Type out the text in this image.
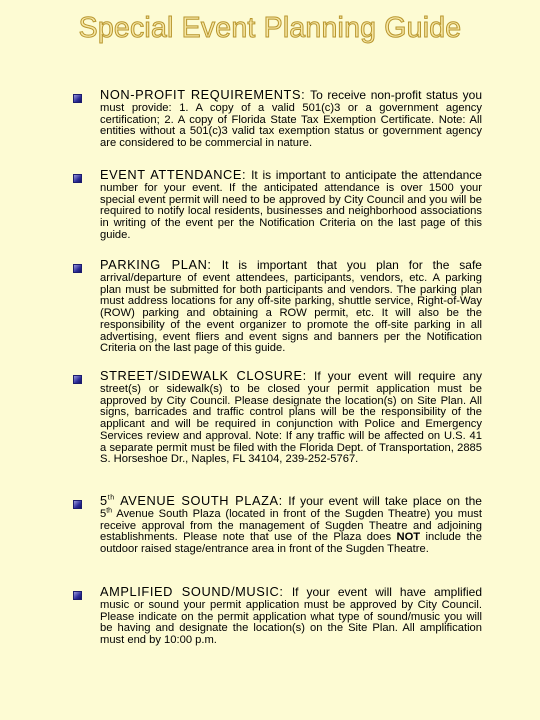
Special Event Planning Guide
NON-PROFIT REQUIREMENTS: To receive non-profit status you

must provide: 1. A copy of a valid 501(c)3 or a government agency certification; 2. A copy of Florida State Tax Exemption Certificate. Note: All entities without a 501(c)3 valid tax exemption status or government agency are considered to be commercial in nature.

EVENT ATTENDANCE: It is important to anticipate the attendance

number for your event. If the anticipated attendance is over 1500 your special event permit will need to be approved by City Council and you will be required to notify local residents, businesses and neighborhood associations in writing of the event per the Notification Criteria on the last page of this guide.

PARKING PLAN: It is important that you plan for the safe

arrival/departure of event attendees, participants, vendors, etc. A parking plan must be submitted for both participants and vendors. The parking plan must address locations for any off-site parking, shuttle service, Right-of-Way (ROW) parking and obtaining a ROW permit, etc. It will also be the responsibility of the event organizer to promote the off-site parking in all advertising, event fliers and event signs and banners per the Notification Criteria on the last page of this guide.

STREET/SIDEWALK CLOSURE: If your event will require any

street(s) or sidewalk(s) to be closed your permit application must be approved by City Council. Please designate the location(s) on Site Plan. All signs, barricades and traffic control plans will be the responsibility of the applicant and will be required in conjunction with Police and Emergency Services review and approval. Note: If any traffic will be affected on U.S. 41 a separate permit must be filed with the Florida Dept. of Transportation, 2885 S. Horseshoe Dr., Naples, FL 34104, 239-252-5767.

5th AVENUE SOUTH PLAZA: If your event will take place on the

5th Avenue South Plaza (located in front of the Sugden Theatre) you must receive approval from the management of Sugden Theatre and adjoining establishments. Please note that use of the Plaza does NOT include the outdoor raised stage/entrance area in front of the Sugden Theatre.

AMPLIFIED SOUND/MUSIC: If your event will have amplified

music or sound your permit application must be approved by City Council. Please indicate on the permit application what type of sound/music you will be having and designate the location(s) on the Site Plan. All amplification must end by 10:00 p.m.
